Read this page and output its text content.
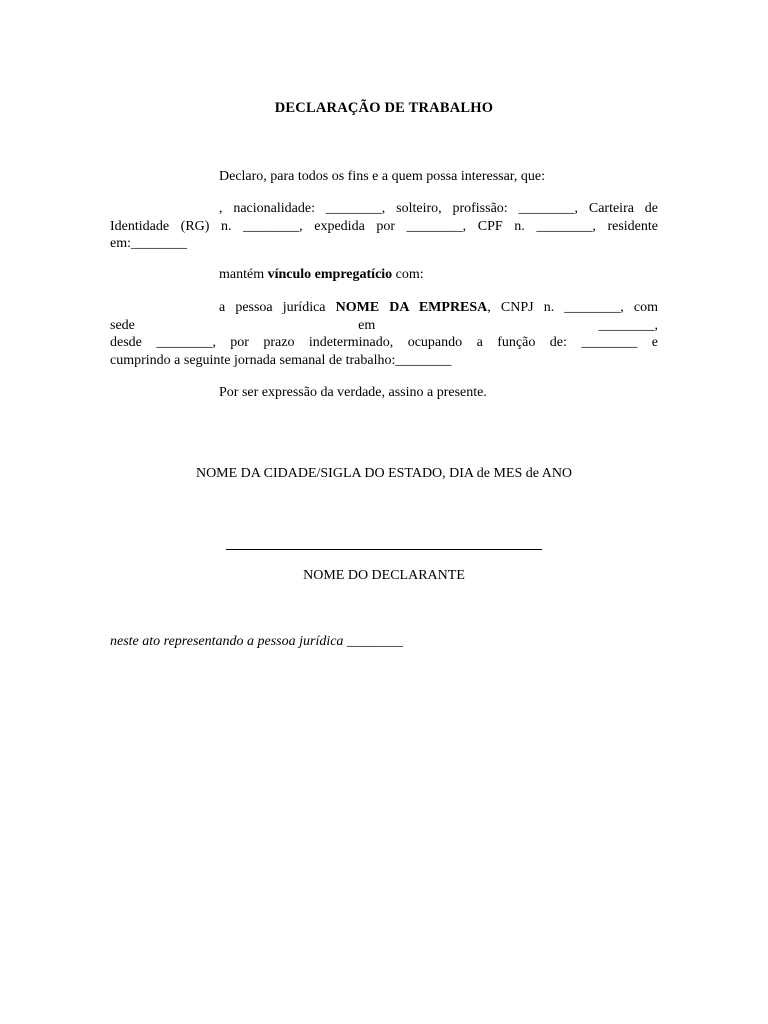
DECLARAÇÃO DE TRABALHO

Declaro, para todos os fins e a quem possa interessar, que:

, nacionalidade: ________, solteiro, profissão: ________, Carteira de
Identidade (RG) n. ________, expedida por ________, CPF n. ________, residente
em:________

mantém vínculo empregatício com:

a pessoa jurídica NOME DA EMPRESA, CNPJ n. ________, com
sede	em	________,
desde ________, por prazo indeterminado, ocupando a função de: ________ e
cumprindo a seguinte jornada semanal de trabalho:________

Por ser expressão da verdade, assino a presente.

NOME DA CIDADE/SIGLA DO ESTADO, DIA de MES de ANO
NOME DO DECLARANTE
neste ato representando a pessoa jurídica ________
